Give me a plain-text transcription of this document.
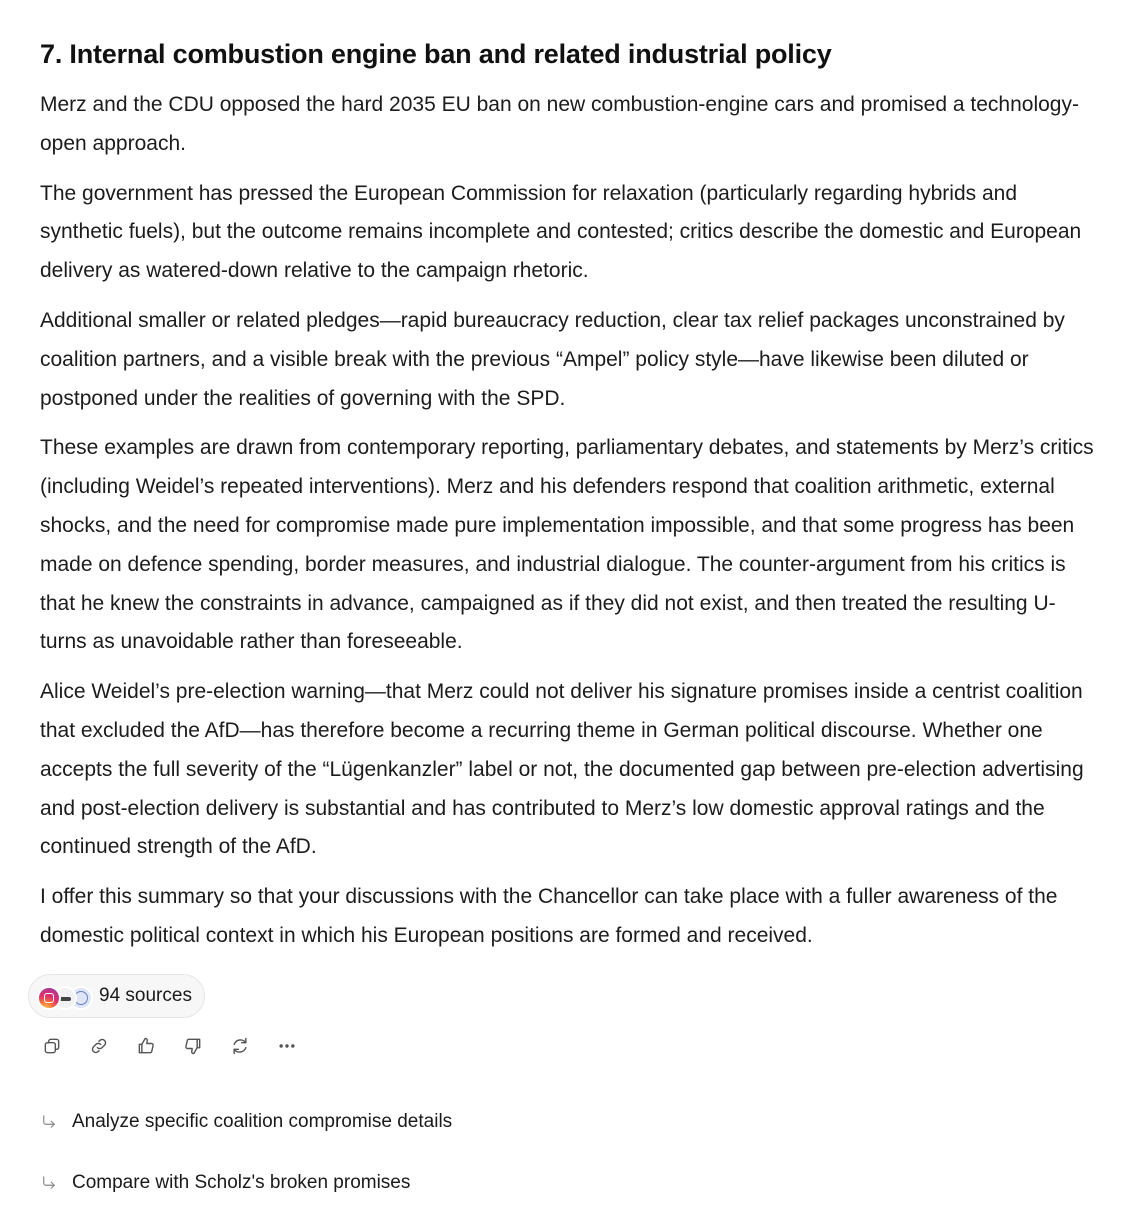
7. Internal combustion engine ban and related industrial policy

Merz and the CDU opposed the hard 2035 EU ban on new combustion-engine cars and promised a technology-open approach.

The government has pressed the European Commission for relaxation (particularly regarding hybrids and synthetic fuels), but the outcome remains incomplete and contested; critics describe the domestic and European delivery as watered-down relative to the campaign rhetoric.

Additional smaller or related pledges—rapid bureaucracy reduction, clear tax relief packages unconstrained by coalition partners, and a visible break with the previous “Ampel” policy style—have likewise been diluted or postponed under the realities of governing with the SPD.

These examples are drawn from contemporary reporting, parliamentary debates, and statements by Merz’s critics (including Weidel’s repeated interventions). Merz and his defenders respond that coalition arithmetic, external shocks, and the need for compromise made pure implementation impossible, and that some progress has been made on defence spending, border measures, and industrial dialogue. The counter-argument from his critics is that he knew the constraints in advance, campaigned as if they did not exist, and then treated the resulting U-turns as unavoidable rather than foreseeable.

Alice Weidel’s pre-election warning—that Merz could not deliver his signature promises inside a centrist coalition that excluded the AfD—has therefore become a recurring theme in German political discourse. Whether one accepts the full severity of the “Lügenkanzler” label or not, the documented gap between pre-election advertising and post-election delivery is substantial and has contributed to Merz’s low domestic approval ratings and the continued strength of the AfD.

I offer this summary so that your discussions with the Chancellor can take place with a fuller awareness of the domestic political context in which his European positions are formed and received.

94 sources
Analyze specific coalition compromise details
Compare with Scholz's broken promises
